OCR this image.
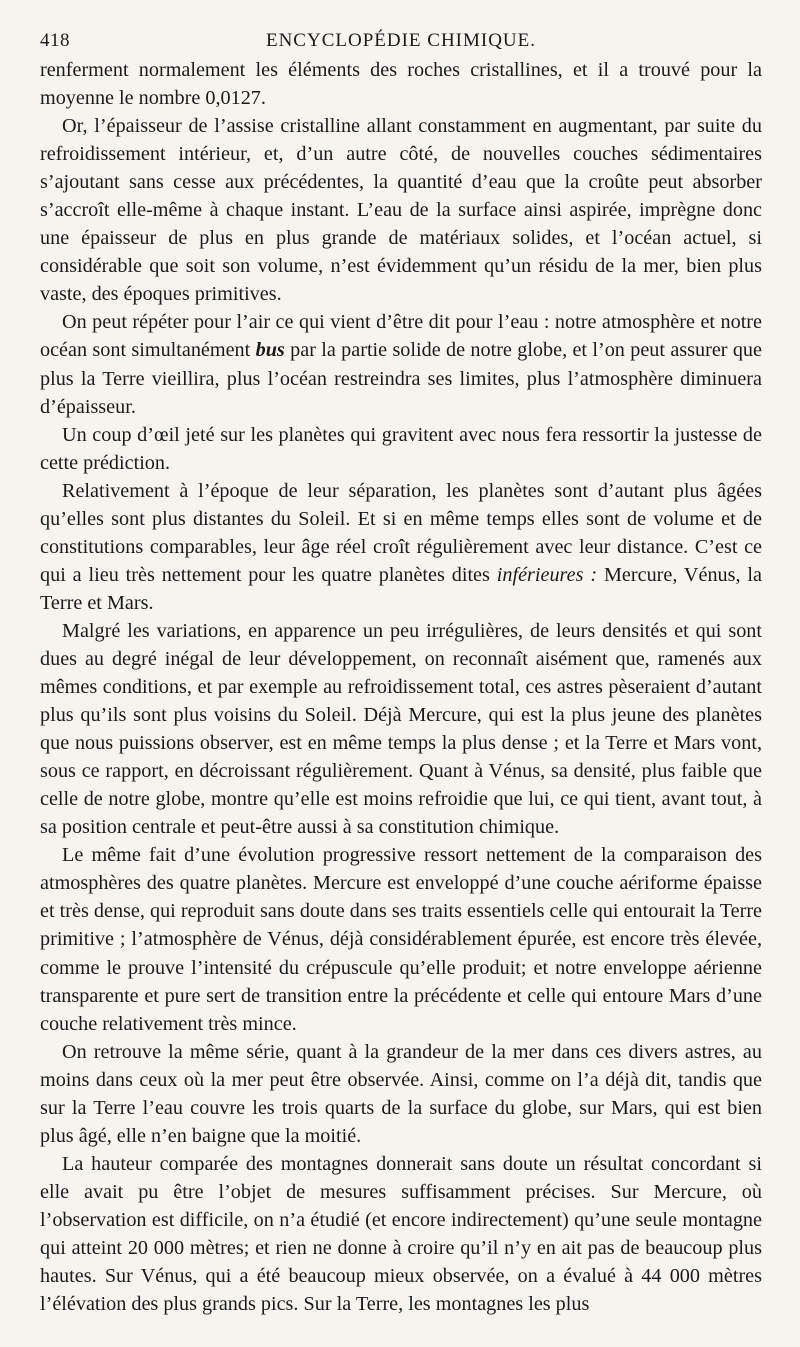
418	ENCYCLOPÉDIE CHIMIQUE.

renferment normalement les éléments des roches cristallines, et il a trouvé pour la moyenne le nombre 0,0127.

Or, l’épaisseur de l’assise cristalline allant constamment en augmentant, par suite du refroidissement intérieur, et, d’un autre côté, de nouvelles couches sédimentaires s’ajoutant sans cesse aux précédentes, la quantité d’eau que la croûte peut absorber s’accroît elle-même à chaque instant. L’eau de la surface ainsi aspirée, imprègne donc une épaisseur de plus en plus grande de matériaux solides, et l’océan actuel, si considérable que soit son volume, n’est évidemment qu’un résidu de la mer, bien plus vaste, des époques primitives.

On peut répéter pour l’air ce qui vient d’être dit pour l’eau : notre atmosphère et notre océan sont simultanément bus par la partie solide de notre globe, et l’on peut assurer que plus la Terre vieillira, plus l’océan restreindra ses limites, plus l’atmosphère diminuera d’épaisseur.

Un coup d’œil jeté sur les planètes qui gravitent avec nous fera ressortir la justesse de cette prédiction.

Relativement à l’époque de leur séparation, les planètes sont d’autant plus âgées qu’elles sont plus distantes du Soleil. Et si en même temps elles sont de volume et de constitutions comparables, leur âge réel croît régulièrement avec leur distance. C’est ce qui a lieu très nettement pour les quatre planètes dites inférieures : Mercure, Vénus, la Terre et Mars.

Malgré les variations, en apparence un peu irrégulières, de leurs densités et qui sont dues au degré inégal de leur développement, on reconnaît aisément que, ramenés aux mêmes conditions, et par exemple au refroidissement total, ces astres pèseraient d’autant plus qu’ils sont plus voisins du Soleil. Déjà Mercure, qui est la plus jeune des planètes que nous puissions observer, est en même temps la plus dense ; et la Terre et Mars vont, sous ce rapport, en décroissant régulièrement. Quant à Vénus, sa densité, plus faible que celle de notre globe, montre qu’elle est moins refroidie que lui, ce qui tient, avant tout, à sa position centrale et peut-être aussi à sa constitution chimique.

Le même fait d’une évolution progressive ressort nettement de la comparaison des atmosphères des quatre planètes. Mercure est enveloppé d’une couche aériforme épaisse et très dense, qui reproduit sans doute dans ses traits essentiels celle qui entourait la Terre primitive ; l’atmosphère de Vénus, déjà considérablement épurée, est encore très élevée, comme le prouve l’intensité du crépuscule qu’elle produit; et notre enveloppe aérienne transparente et pure sert de transition entre la précédente et celle qui entoure Mars d’une couche relativement très mince.

On retrouve la même série, quant à la grandeur de la mer dans ces divers astres, au moins dans ceux où la mer peut être observée. Ainsi, comme on l’a déjà dit, tandis que sur la Terre l’eau couvre les trois quarts de la surface du globe, sur Mars, qui est bien plus âgé, elle n’en baigne que la moitié.

La hauteur comparée des montagnes donnerait sans doute un résultat concordant si elle avait pu être l’objet de mesures suffisamment précises. Sur Mercure, où l’observation est difficile, on n’a étudié (et encore indirectement) qu’une seule montagne qui atteint 20 000 mètres; et rien ne donne à croire qu’il n’y en ait pas de beaucoup plus hautes. Sur Vénus, qui a été beaucoup mieux observée, on a évalué à 44 000 mètres l’élévation des plus grands pics. Sur la Terre, les montagnes les plus
